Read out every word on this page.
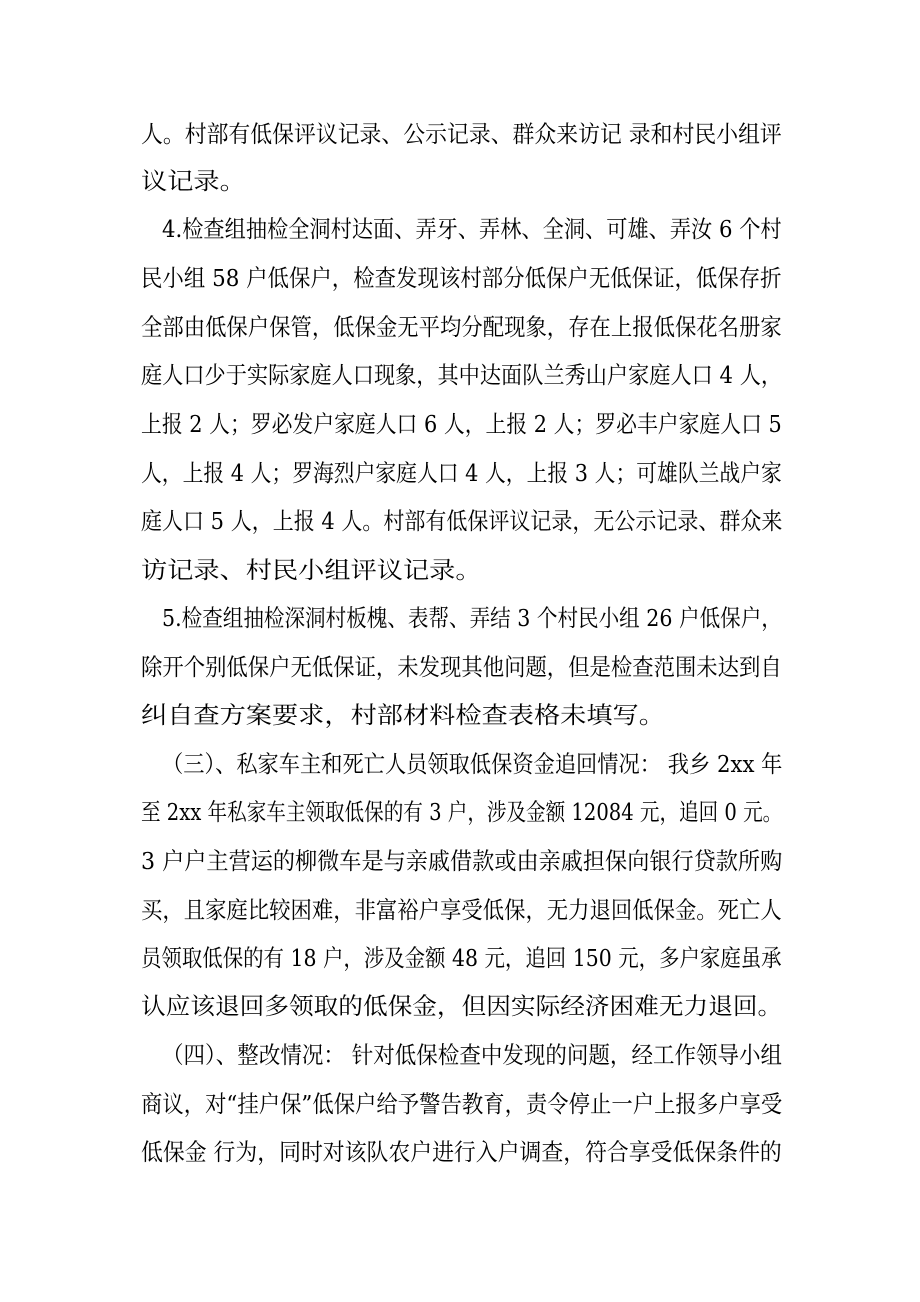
人。村部有低保评议记录、公示记录、群众来访记 录和村民小组评
议记录。
4.检查组抽检全洞村达面、弄牙、弄林、全洞、可雄、弄汝 6 个村
民小组 58 户低保户，检查发现该村部分低保户无低保证，低保存折
全部由低保户保管，低保金无平均分配现象，存在上报低保花名册家
庭人口少于实际家庭人口现象，其中达面队兰秀山户家庭人口 4 人，
上报 2 人；罗必发户家庭人口 6 人，上报 2 人；罗必丰户家庭人口 5
人，上报 4 人；罗海烈户家庭人口 4 人，上报 3 人；可雄队兰战户家
庭人口 5 人，上报 4 人。村部有低保评议记录，无公示记录、群众来
访记录、村民小组评议记录。
5.检查组抽检深洞村板槐、表帮、弄结 3 个村民小组 26 户低保户，
除开个别低保户无低保证，未发现其他问题，但是检查范围未达到自
纠自查方案要求，村部材料检查表格未填写。
（三）、私家车主和死亡人员领取低保资金追回情况： 我乡 2xx 年
至 2xx 年私家车主领取低保的有 3 户，涉及金额 12084 元，追回 0 元。
3 户户主营运的柳微车是与亲戚借款或由亲戚担保向银行贷款所购
买，且家庭比较困难，非富裕户享受低保，无力退回低保金。死亡人
员领取低保的有 18 户，涉及金额 48 元，追回 150 元，多户家庭虽承
认应该退回多领取的低保金，但因实际经济困难无力退回。
（四）、整改情况： 针对低保检查中发现的问题，经工作领导小组
商议，对“挂户保”低保户给予警告教育，责令停止一户上报多户享受
低保金 行为，同时对该队农户进行入户调查，符合享受低保条件的
